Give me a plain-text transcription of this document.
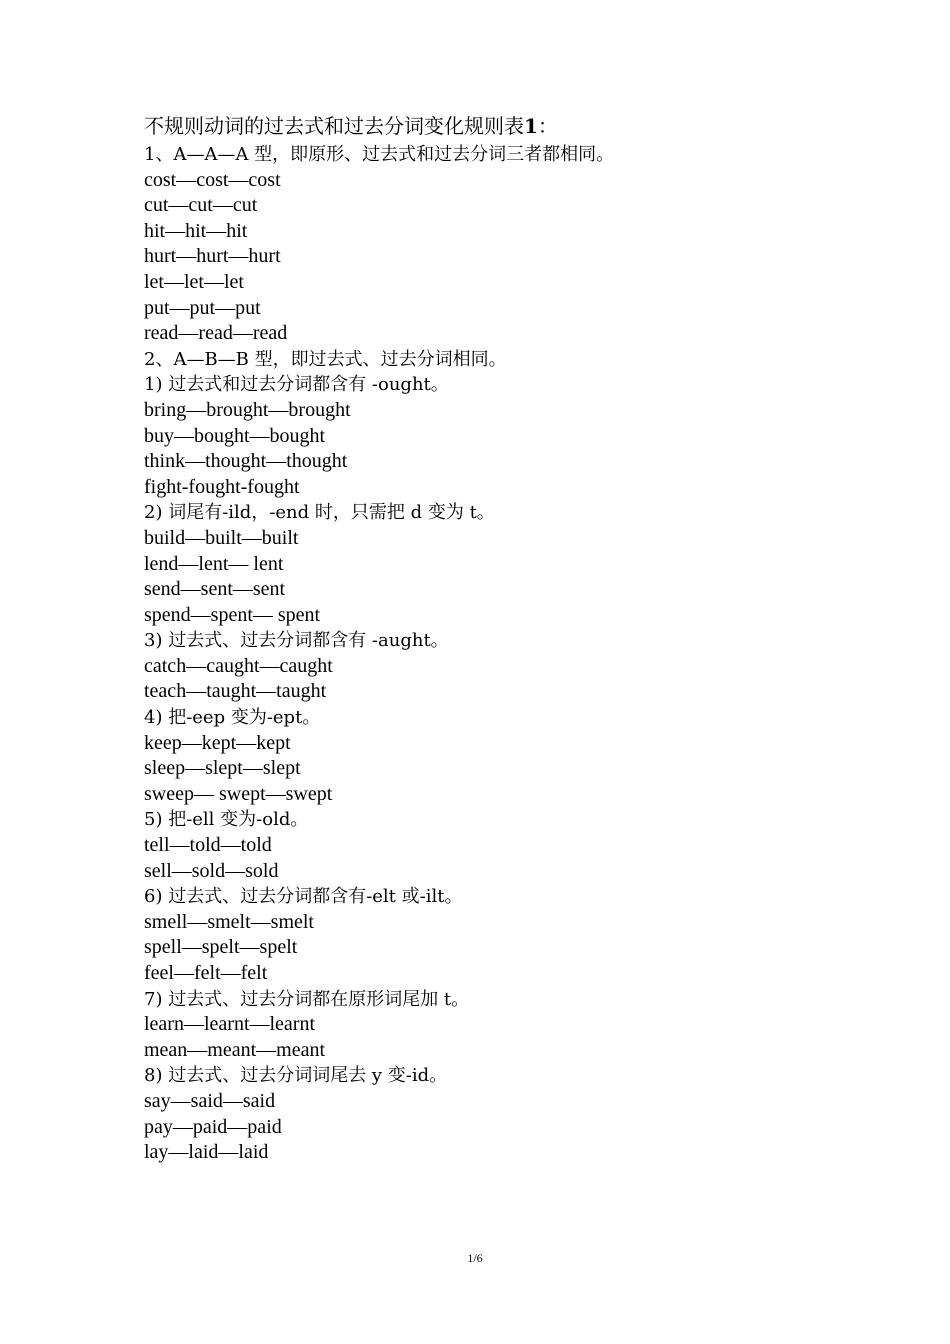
不规则动词的过去式和过去分词变化规则表1：
1、A—A—A 型，即原形、过去式和过去分词三者都相同。
cost—cost—cost
cut—cut—cut
hit—hit—hit
hurt—hurt—hurt
let—let—let
put—put—put
read—read—read
2、A—B—B 型，即过去式、过去分词相同。
1) 过去式和过去分词都含有 -ought。
bring—brought—brought
buy—bought—bought
think—thought—thought
fight-fought-fought
2) 词尾有-ild，-end 时，只需把 d 变为 t。
build—built—built
lend—lent— lent
send—sent—sent
spend—spent— spent
3) 过去式、过去分词都含有 -aught。
catch—caught—caught
teach—taught—taught
4) 把-eep 变为-ept。
keep—kept—kept
sleep—slept—slept
sweep— swept—swept
5) 把-ell 变为-old。
tell—told—told
sell—sold—sold
6) 过去式、过去分词都含有-elt 或-ilt。
smell—smelt—smelt
spell—spelt—spelt
feel—felt—felt
7) 过去式、过去分词都在原形词尾加 t。
learn—learnt—learnt
mean—meant—meant
8) 过去式、过去分词词尾去 y 变-id。
say—said—said
pay—paid—paid
lay—laid—laid
1/6
